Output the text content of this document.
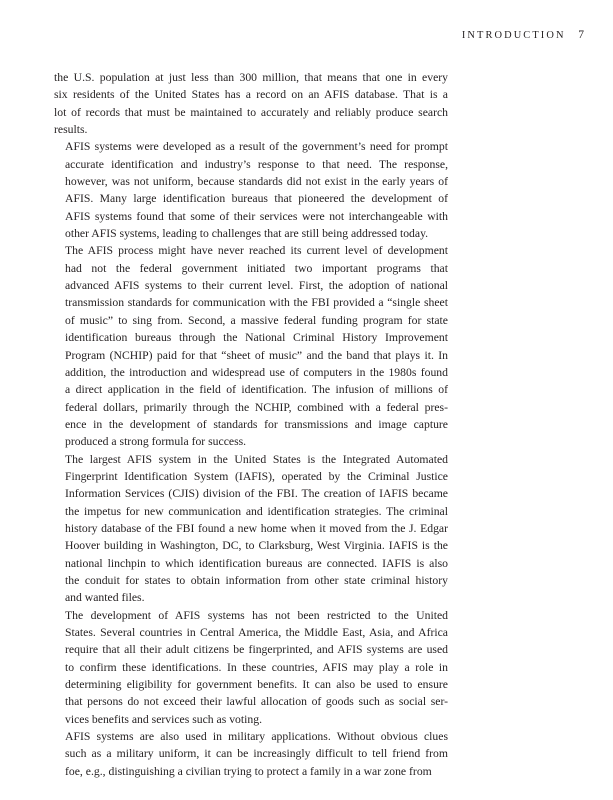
INTRODUCTION 7

the U.S. population at just less than 300 million, that means that one in every
six residents of the United States has a record on an AFIS database. That is a
lot of records that must be maintained to accurately and reliably produce search
results.

AFIS systems were developed as a result of the government’s need for prompt
accurate identification and industry’s response to that need. The response,
however, was not uniform, because standards did not exist in the early years of
AFIS. Many large identification bureaus that pioneered the development of
AFIS systems found that some of their services were not interchangeable with
other AFIS systems, leading to challenges that are still being addressed today.

The AFIS process might have never reached its current level of development
had not the federal government initiated two important programs that
advanced AFIS systems to their current level. First, the adoption of national
transmission standards for communication with the FBI provided a “single sheet
of music” to sing from. Second, a massive federal funding program for state
identification bureaus through the National Criminal History Improvement
Program (NCHIP) paid for that “sheet of music” and the band that plays it. In
addition, the introduction and widespread use of computers in the 1980s found
a direct application in the field of identification. The infusion of millions of
federal dollars, primarily through the NCHIP, combined with a federal pres-
ence in the development of standards for transmissions and image capture
produced a strong formula for success.

The largest AFIS system in the United States is the Integrated Automated
Fingerprint Identification System (IAFIS), operated by the Criminal Justice
Information Services (CJIS) division of the FBI. The creation of IAFIS became
the impetus for new communication and identification strategies. The criminal
history database of the FBI found a new home when it moved from the J. Edgar
Hoover building in Washington, DC, to Clarksburg, West Virginia. IAFIS is the
national linchpin to which identification bureaus are connected. IAFIS is also
the conduit for states to obtain information from other state criminal history
and wanted files.

The development of AFIS systems has not been restricted to the United
States. Several countries in Central America, the Middle East, Asia, and Africa
require that all their adult citizens be fingerprinted, and AFIS systems are used
to confirm these identifications. In these countries, AFIS may play a role in
determining eligibility for government benefits. It can also be used to ensure
that persons do not exceed their lawful allocation of goods such as social ser-
vices benefits and services such as voting.

AFIS systems are also used in military applications. Without obvious clues
such as a military uniform, it can be increasingly difficult to tell friend from
foe, e.g., distinguishing a civilian trying to protect a family in a war zone from
